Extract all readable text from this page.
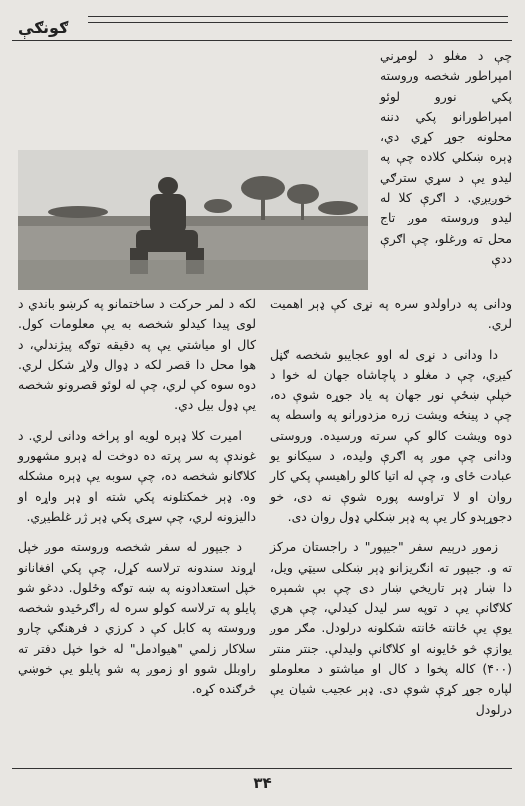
ګونګې

چې د مغلو د لومړني امپراطور شخصه وروسته پکي نورو لوئو امپراطورانو پکي دننه محلونه جوړ کړي دي، ډېره ښکلي کلاده چې په لیدو یې د سړي سترګي خوږيږي. د اګرې کلا له لیدو وروسته موږ تاج محل ته ورغلو، چې اګرې ددې

لکه د لمر حرکت د ساختمانو په کرښو باندي د لوی پیدا کیدلو شخصه به یې معلومات کول. کال او میاشتي یې په دقیقه توګه پیژندلي، د هوا محل دا قصر لکه د ډوال ولاړ شکل لري. دوه سوه کې لري، چې له لوئو قصرونو شخصه یې ډول بیل دي.

امیرت کلا ډېره لویه او پراخه ودانی لري. د غوندې په سر پرته ده دوخت له ډېرو مشهورو کلاګانو شخصه ده، چې سوبه یې ډېره مشکله وه. ډېر خمکتلونه پکي شته او ډېر واړه او دالیزونه لري، چې سړی پکي ډېر ژر غلطیږي.

د جیپور له سفر شخصه وروسته موږ خپل اړوند سندونه ترلاسه کړل، چې پکي افغانانو خپل استعدادونه په ښه توګه وځلول. ددغو شو پایلو په ترلاسه کولو سره له راګرځیدو شخصه وروسته په کابل کې د کرزي د فرهنګي چارو سلاکار زلمي "هیوادمل" له خوا خپل دفتر ته راوبلل شوو او زموږ په شو پایلو یې خوښي څرګنده کړه.

ودانی په دراولدو سره په نړی کې ډېر اهمیت لري.

دا ودانی د نړی له اوو عجایبو شخصه ګڼل کیږي، چې د مغلو د پاچاشاه جهان له خوا د خپلې ښځې نور جهان په یاد جوړه شوې ده، چې د پینځه ویشت زره مزدورانو په واسطه په دوه ویشت کالو کې سرته ورسیده. وروستی ودانی چې موږ په اګرې ولیده، د سیکانو یو عبادت ځای و، چې له اتیا کالو راهیسې پکي کار روان او لا تراوسه پوره شوې نه دی، خو دجوړېدو کار یې په ډېر ښکلي ډول روان دی.

زموږ درېیم سفر "جیپور" د راجستان مرکز ته و. جیپور ته انګریزانو ډېر ښکلی سیټي ویل، دا ښار ډېر تاریخي ښار دی چې بې شمېره کلاګانې یې د توپه سر لیدل کیدلي، چې هري یوې یې ځانته ځانته شکلونه درلودل. مګر موږ یوازې څو ځایونه او کلاګانې ولیدلې. جنتر منتر (۴۰۰) کاله پخوا د کال او میاشتو د معلوملو لپاره جوړ کړې شوې دی. ډېر عجیب شیان یې درلودل

۳۴
